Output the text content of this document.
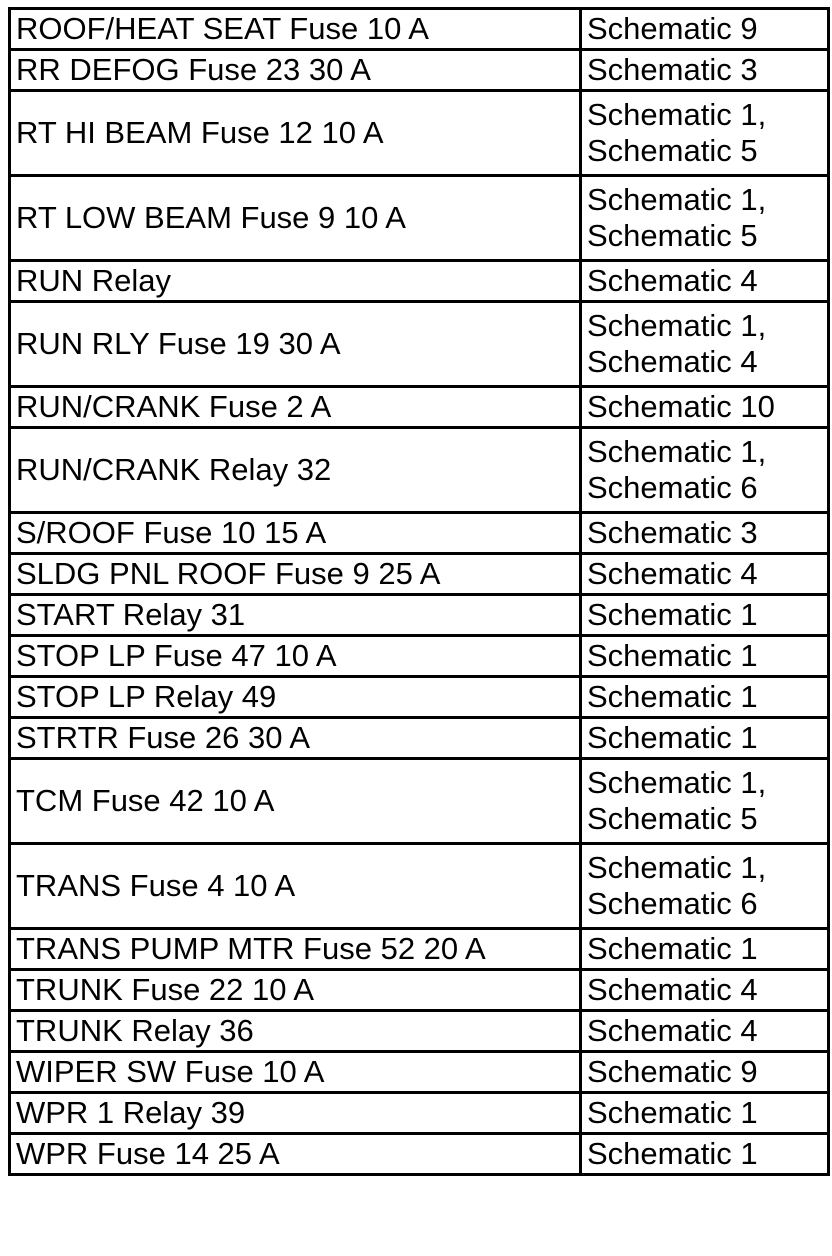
ROOF/HEAT SEAT Fuse 10 A	Schematic 9

RR DEFOG Fuse 23 30 A	Schematic 3

RT HI BEAM Fuse 12 10 A	Schematic 1,
Schematic 5

RT LOW BEAM Fuse 9 10 A	Schematic 1,
Schematic 5

RUN Relay	Schematic 4

RUN RLY Fuse 19 30 A	Schematic 1,
Schematic 4

RUN/CRANK Fuse 2 A	Schematic 10

RUN/CRANK Relay 32	Schematic 1,
Schematic 6

S/ROOF Fuse 10 15 A	Schematic 3

SLDG PNL ROOF Fuse 9 25 A	Schematic 4

START Relay 31	Schematic 1

STOP LP Fuse 47 10 A	Schematic 1

STOP LP Relay 49	Schematic 1

STRTR Fuse 26 30 A	Schematic 1

TCM Fuse 42 10 A	Schematic 1,
Schematic 5

TRANS Fuse 4 10 A	Schematic 1,
Schematic 6

TRANS PUMP MTR Fuse 52 20 A	Schematic 1

TRUNK Fuse 22 10 A	Schematic 4

TRUNK Relay 36	Schematic 4

WIPER SW Fuse 10 A	Schematic 9

WPR 1 Relay 39	Schematic 1

WPR Fuse 14 25 A	Schematic 1
